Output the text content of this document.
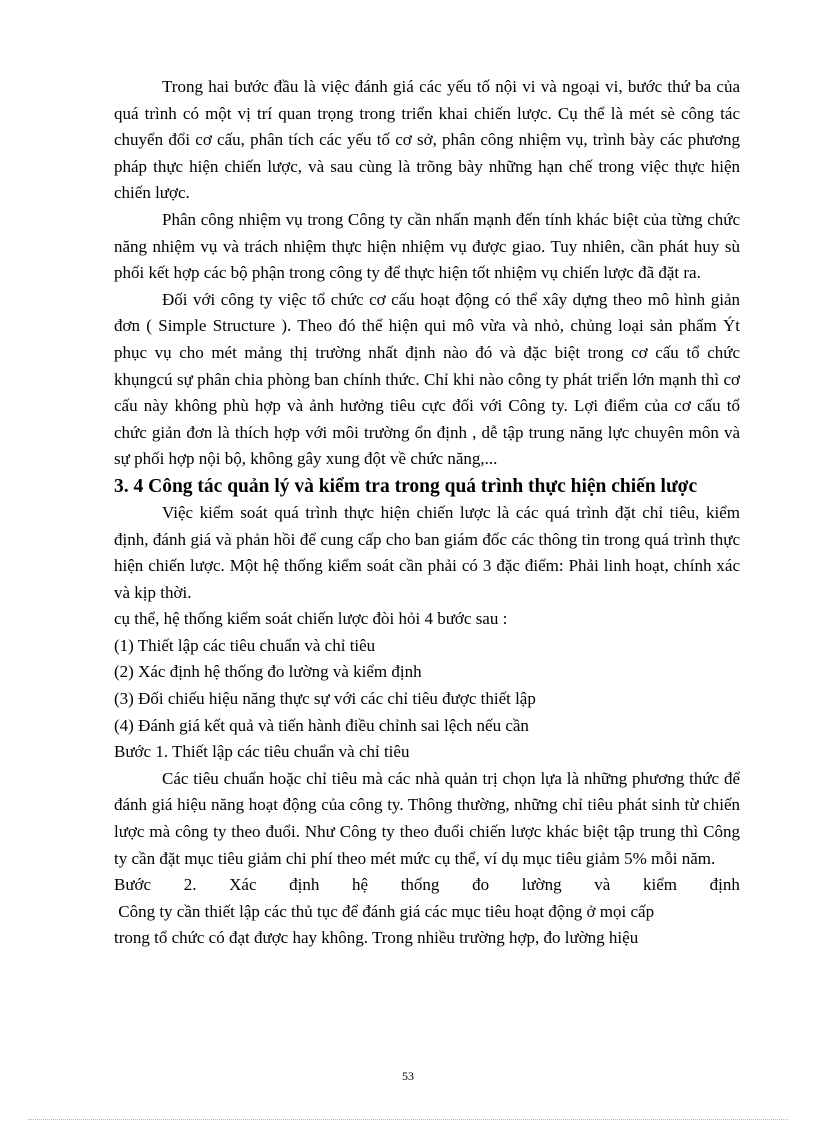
Trong hai bước đầu là việc đánh giá các yếu tố nội vi và ngoại vi, bước thứ ba của quá trình có một vị trí quan trọng trong triển khai chiến lược. Cụ thể là mét sè công tác chuyển đổi cơ cấu, phân tích các yếu tố cơ sở, phân công nhiệm vụ, trình bày các phương pháp thực hiện chiến lược, và sau cùng là trõng bày những hạn chế trong việc thực hiện chiến lược.

Phân công nhiệm vụ trong Công ty cần nhấn mạnh đến tính khác biệt của từng chức năng nhiệm vụ và trách nhiệm thực hiện nhiệm vụ được giao. Tuy nhiên, cần phát huy sù phối kết hợp các bộ phận trong công ty để thực hiện tốt nhiệm vụ chiến lược đã đặt ra.

Đối với công ty việc tổ chức cơ cấu hoạt động có thể xây dựng theo mô hình giản đơn ( Simple Structure ). Theo đó thể hiện qui mô vừa và nhỏ, chủng loại sản phẩm Ýt phục vụ cho mét mảng thị trường nhất định nào đó và đặc biệt trong cơ cấu tổ chức khụngcú sự phân chia phòng ban chính thức. Chỉ khi nào công ty phát triển lớn mạnh thì cơ cấu này không phù hợp và ảnh hưởng tiêu cực đối với Công ty. Lợi điểm của cơ cấu tổ chức giản đơn là thích hợp với môi trường ổn định , dễ tập trung năng lực chuyên môn và sự phối hợp nội bộ, không gây xung đột về chức năng,...

3. 4 Công tác quản lý và kiểm tra trong quá trình thực hiện chiến lược

Việc kiểm soát quá trình thực hiện chiến lược là các quá trình đặt chỉ tiêu, kiểm định, đánh giá và phản hồi để cung cấp cho ban giám đốc các thông tin trong quá trình thực hiện chiến lược. Một hệ thống kiểm soát cần phải có 3 đặc điểm: Phải linh hoạt, chính xác và kịp thời.

cụ thể, hệ thống kiểm soát chiến lược đòi hỏi 4 bước sau :

(1) Thiết lập các tiêu chuẩn và chỉ tiêu

(2) Xác định hệ thống đo lường và kiểm định

(3) Đối chiếu hiệu năng thực sự với các chỉ tiêu được thiết lập

(4) Đánh giá kết quả và tiến hành điều chỉnh sai lệch nếu cần

Bước 1. Thiết lập các tiêu chuẩn và chỉ tiêu

Các tiêu chuẩn hoặc chỉ tiêu mà các nhà quản trị chọn lựa là những phương thức để đánh giá hiệu năng hoạt động của công ty. Thông thường, những chỉ tiêu phát sinh từ chiến lược mà công ty theo đuổi. Như Công ty theo đuổi chiến lược khác biệt tập trung thì Công ty cần đặt mục tiêu giảm chi phí theo mét mức cụ thể, ví dụ mục tiêu giảm 5% mỗi năm.

Bước 2. Xác định hệ thống đo lường và kiểm định

Công ty cần thiết lập các thủ tục để đánh giá các mục tiêu hoạt động ở mọi cấp

trong tổ chức có đạt được hay không. Trong nhiều trường hợp, đo lường hiệu

53
